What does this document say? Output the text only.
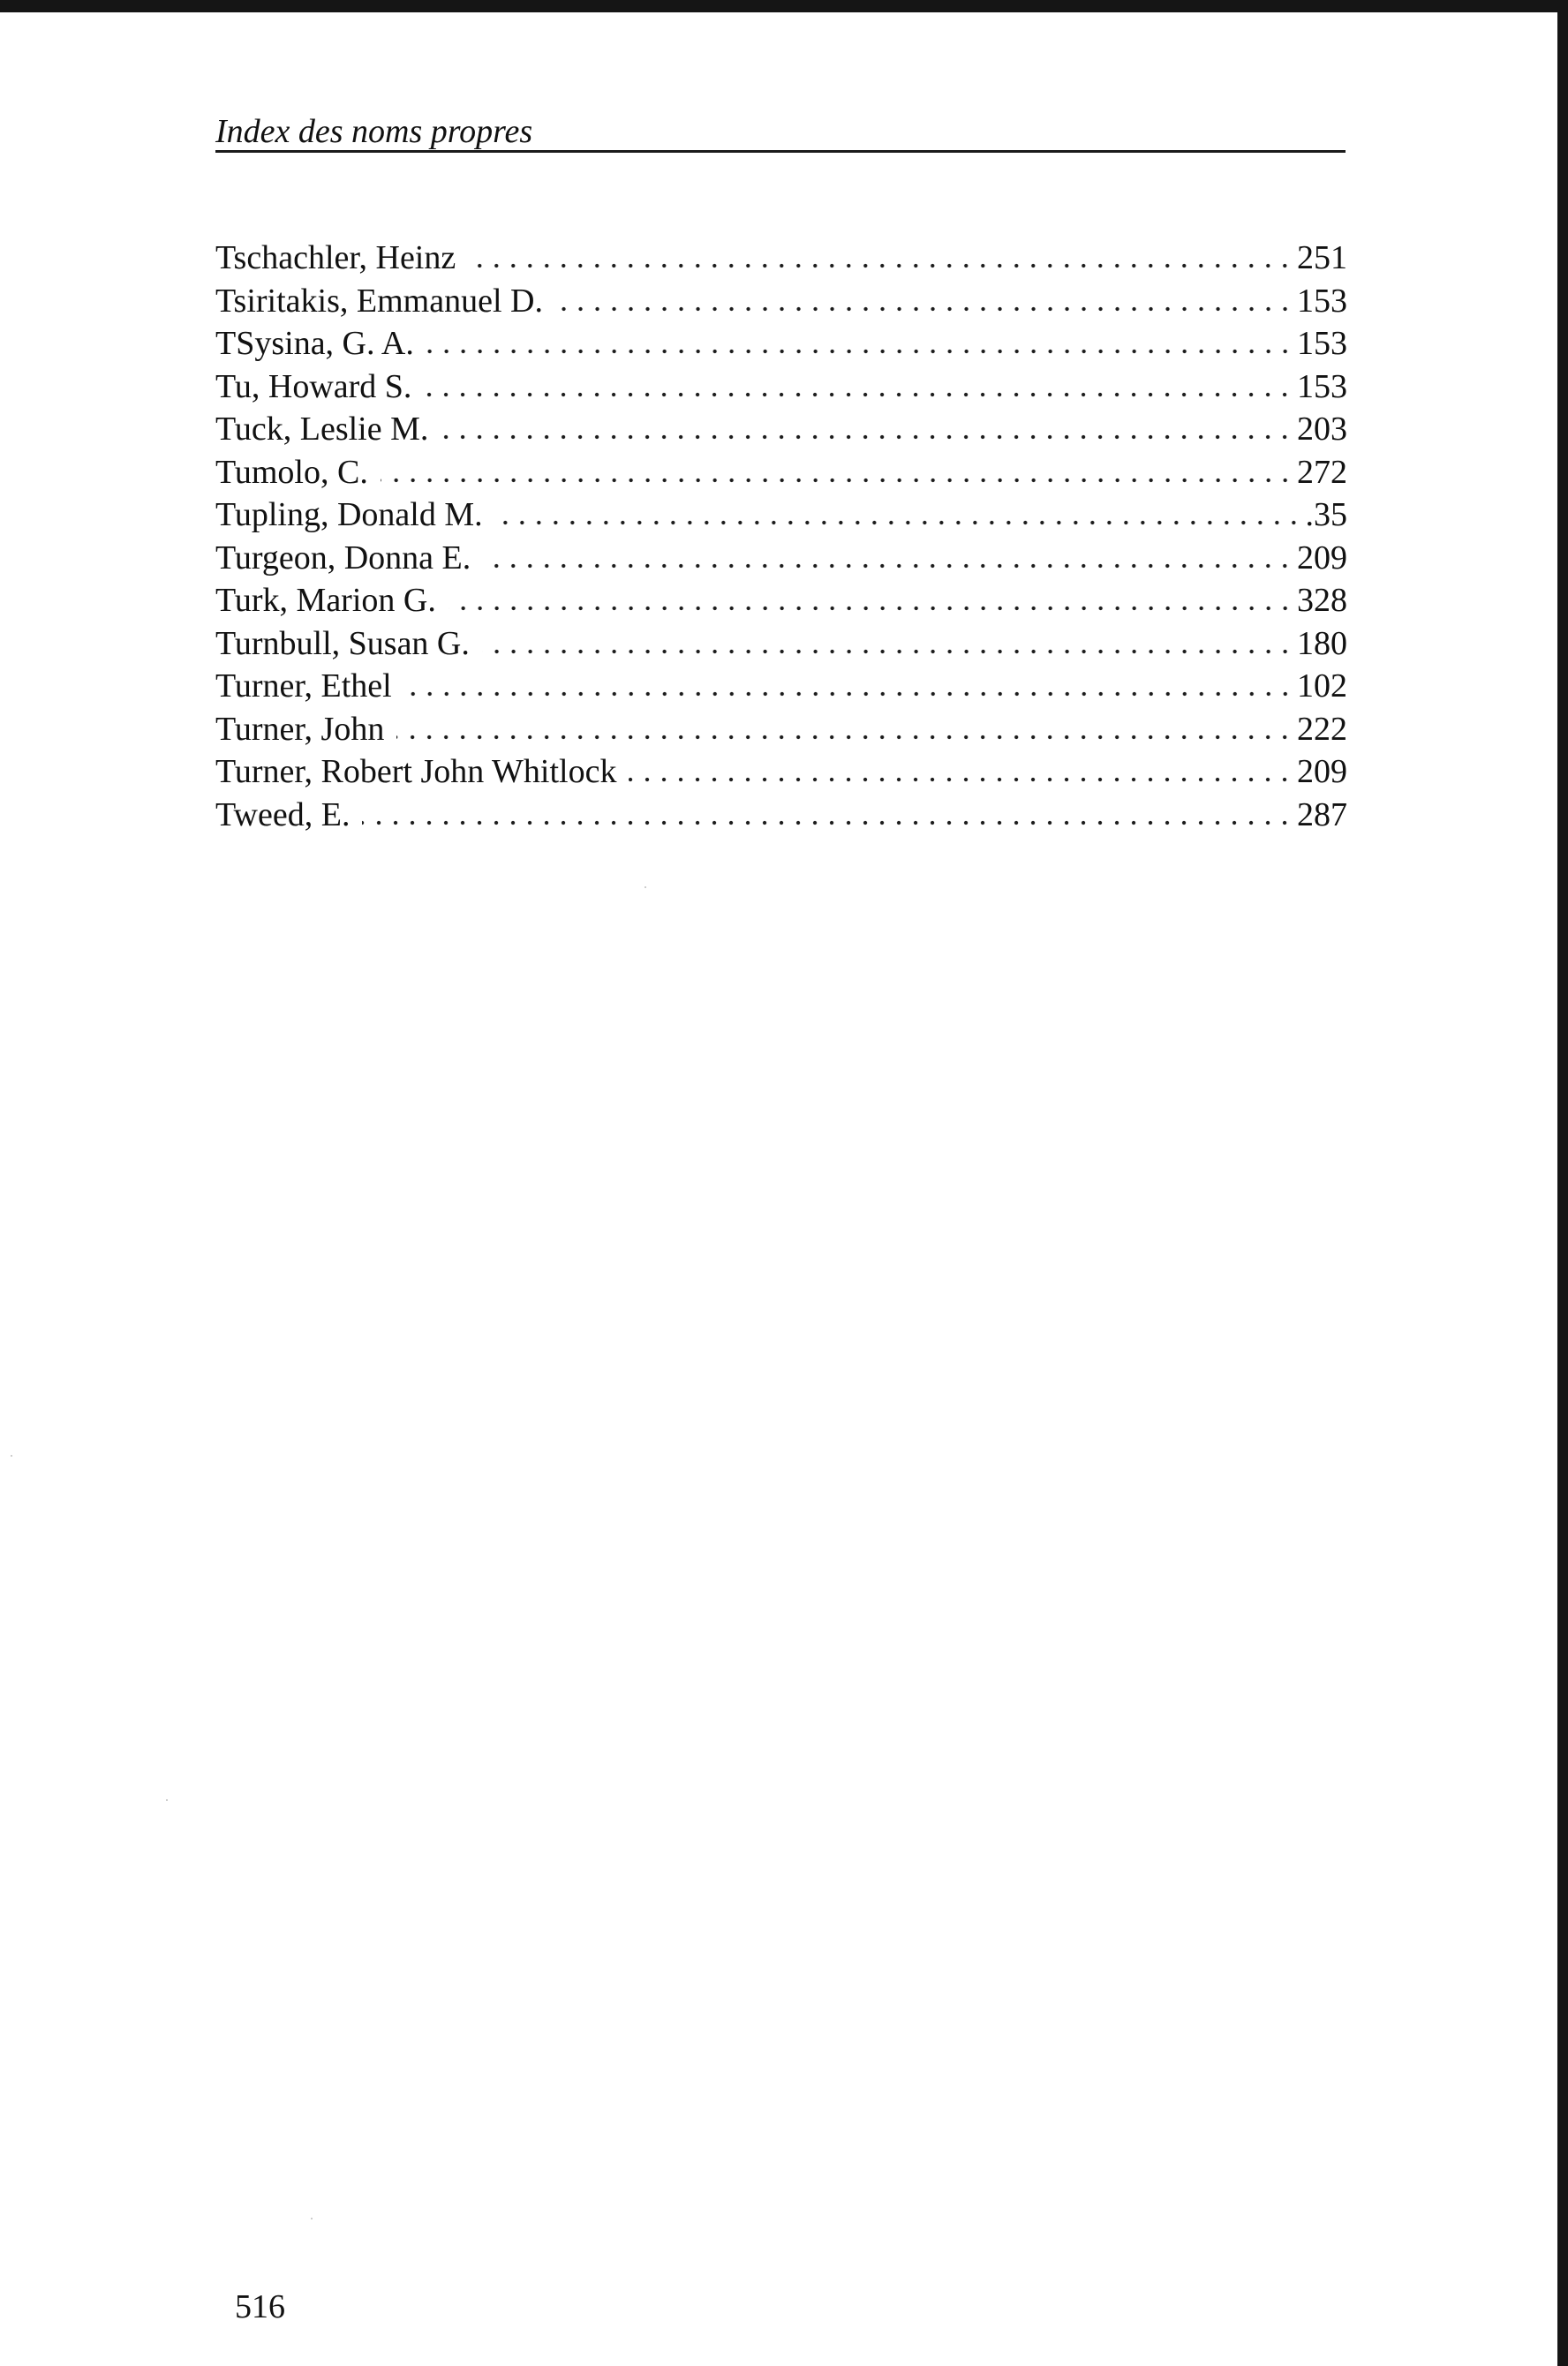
Index des noms propres
Tschachler, Heinz	251
Tsiritakis, Emmanuel D.	153
TSysina, G. A.	153
Tu, Howard S.	153
Tuck, Leslie M.	203
Tumolo, C.	272
Tupling, Donald M.	.35
Turgeon, Donna E.	209
Turk, Marion G.	328
Turnbull, Susan G.	180
Turner, Ethel	102
Turner, John	222
Turner, Robert John Whitlock	209
Tweed, E.	287
516
